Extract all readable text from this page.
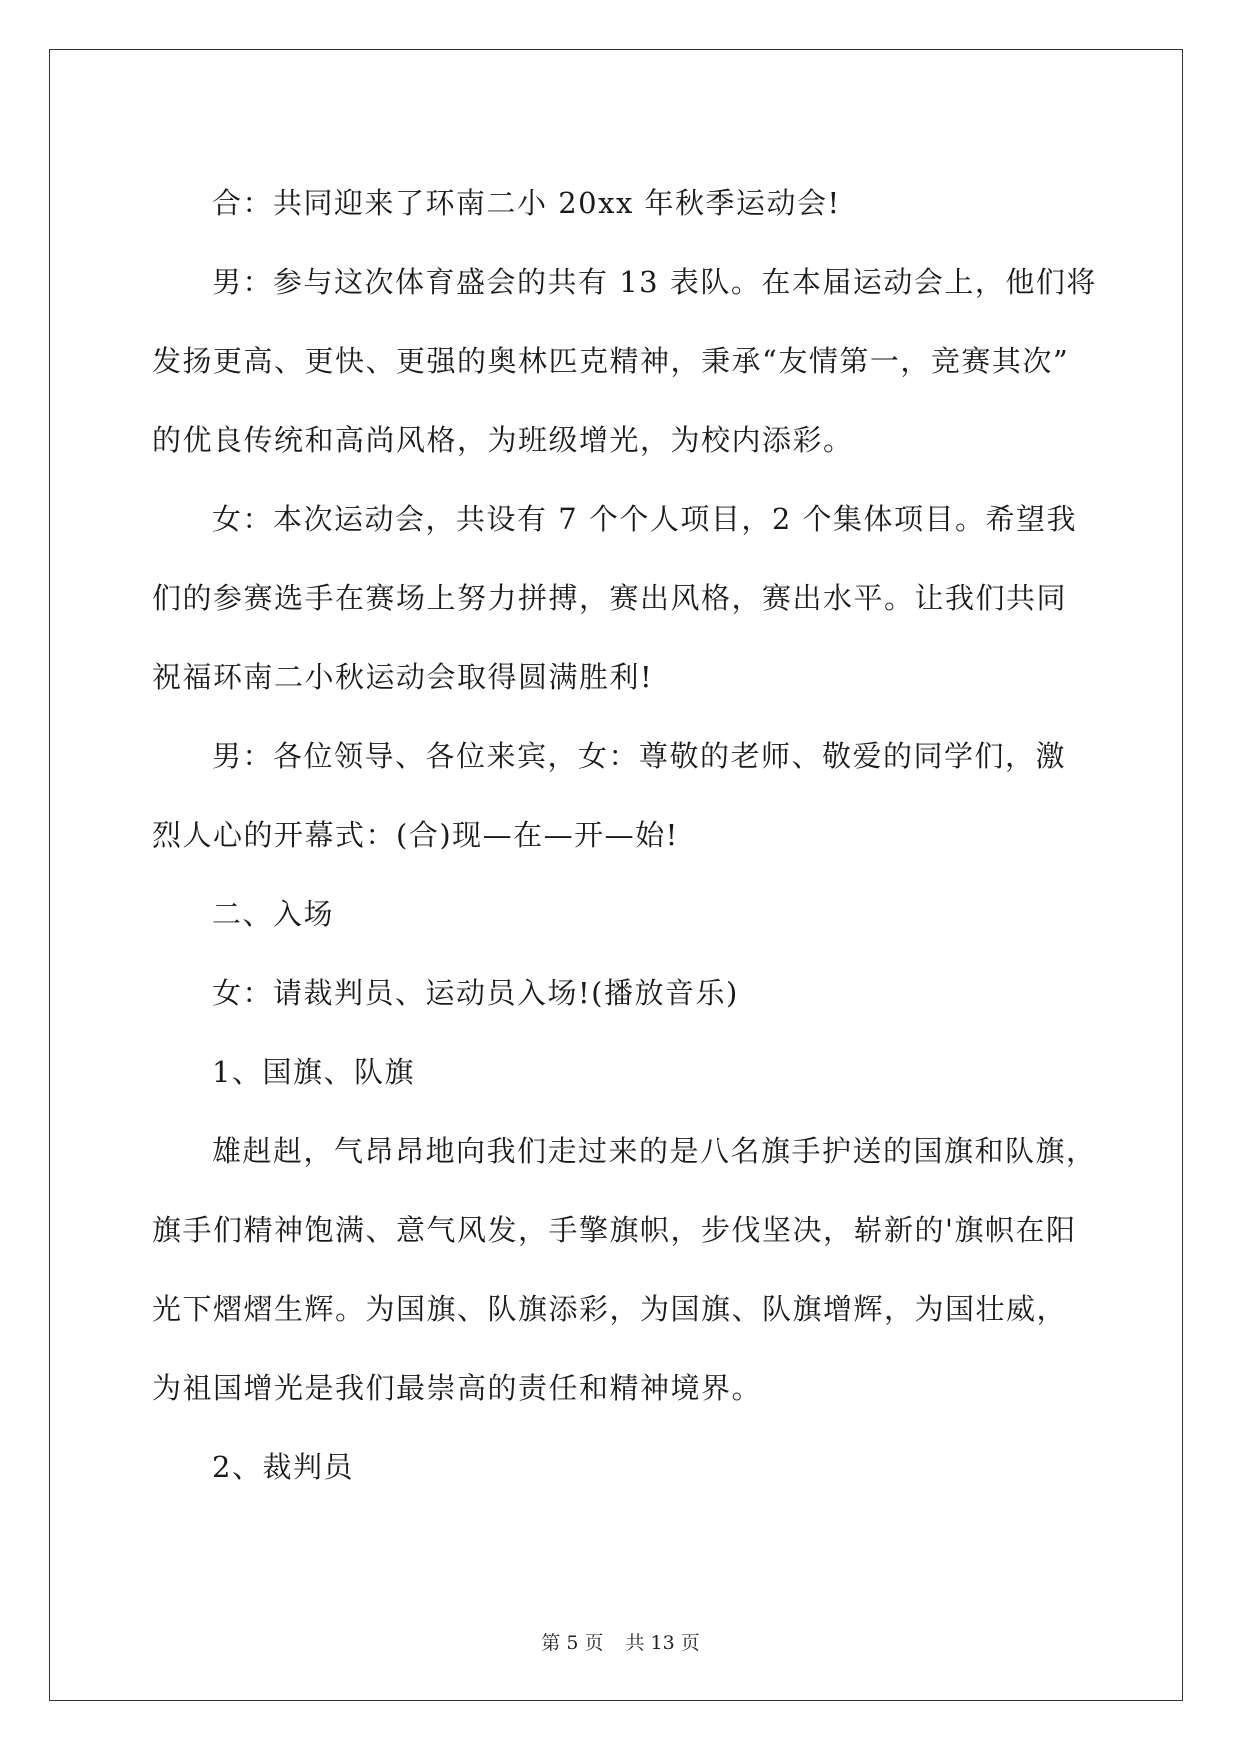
合：共同迎来了环南二小 20xx 年秋季运动会!

男：参与这次体育盛会的共有 13 表队。在本届运动会上，他们将

发扬更高、更快、更强的奥林匹克精神，秉承“友情第一，竞赛其次”

的优良传统和高尚风格，为班级增光，为校内添彩。

女：本次运动会，共设有 7 个个人项目，2 个集体项目。希望我

们的参赛选手在赛场上努力拼搏，赛出风格，赛出水平。让我们共同

祝福环南二小秋运动会取得圆满胜利!

男：各位领导、各位来宾，女：尊敬的老师、敬爱的同学们，激

烈人心的开幕式：(合)现—在—开—始!

二、入场

女：请裁判员、运动员入场!(播放音乐)

1、国旗、队旗

雄赳赳，气昂昂地向我们走过来的是八名旗手护送的国旗和队旗，

旗手们精神饱满、意气风发，手擎旗帜，步伐坚决，崭新的'旗帜在阳

光下熠熠生辉。为国旗、队旗添彩，为国旗、队旗增辉，为国壮威，

为祖国增光是我们最崇高的责任和精神境界。

2、裁判员

第 5 页 共 13 页
